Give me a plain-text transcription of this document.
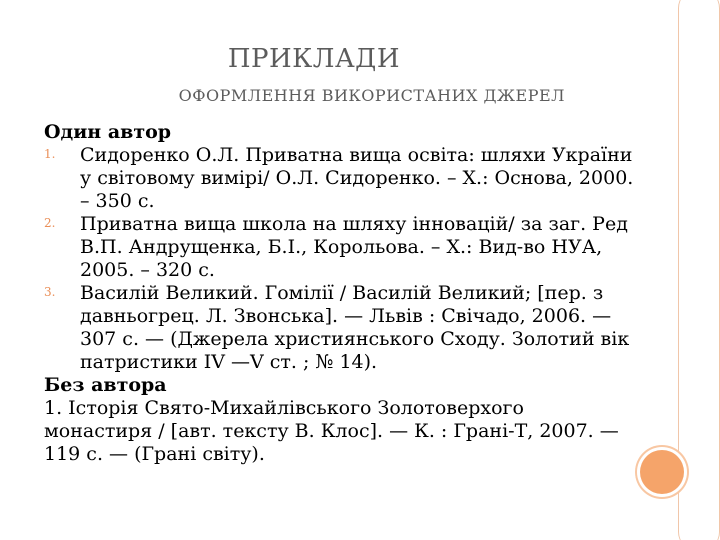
ПРИКЛАДИ
ОФОРМЛЕННЯ ВИКОРИСТАНИХ ДЖЕРЕЛ
Один автор
1. Сидоренко О.Л. Приватна вища освіта: шляхи України у світовому вимірі/ О.Л. Сидоренко. – Х.: Основа, 2000. – 350 с.
2. Приватна вища школа на шляху інновацій/ за заг. Ред В.П. Андрущенка, Б.І., Корольова. – Х.: Вид-во НУА, 2005. – 320 с.
3. Василій Великий. Гомілії / Василій Великий; [пер. з давньогрец. Л. Звонська]. — Львів : Свічадо, 2006. — 307 с. — (Джерела християнського Сходу. Золотий вік патристики IV —V ст. ; № 14).
Без автора
1. Історія Свято-Михайлівського Золотоверхого монастиря / [авт. тексту В. Клос]. — К. : Грані-Т, 2007. — 119 с. — (Грані світу).
